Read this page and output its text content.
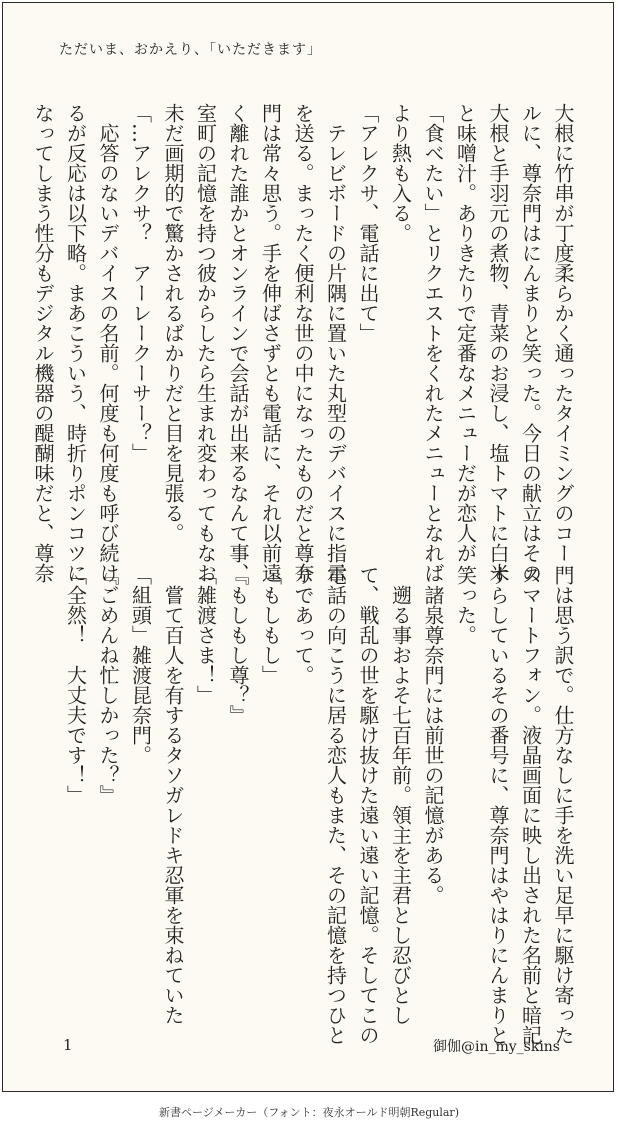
ただいま、おかえり、「いただきます」
大根に竹串が丁度柔らかく通ったタイミングのコー
ルに、尊奈門はにんまりと笑った。今日の献立はその
大根と手羽元の煮物、青菜のお浸し、塩トマトに白米
と味噌汁。ありきたりで定番なメニューだが恋人が
「食べたい」とリクエストをくれたメニューとなれば
より熱も入る。
「アレクサ、電話に出て」
　テレビボードの片隅に置いた丸型のデバイスに指示
を送る。まったく便利な世の中になったものだと尊奈
門は常々思う。手を伸ばさずとも電話に、それ以前遠
く離れた誰かとオンラインで会話が出来るなんて事、
室町の記憶を持つ彼からしたら生まれ変わってもなお
未だ画期的で驚かされるばかりだと目を見張る。
「…アレクサ？　アーレークーサー？」
　応答のないデバイスの名前。何度も何度も呼び続け
るが反応は以下略。まあこういう、時折りポンコツに
なってしまう性分もデジタル機器の醍醐味だと、尊奈
門は思う訳で。仕方なしに手を洗い足早に駆け寄った
スマートフォン。液晶画面に映し出された名前と暗記
すらしているその番号に、尊奈門はやはりにんまりと
笑った。
　諸泉尊奈門には前世の記憶がある。
　遡る事およそ七百年前。領主を主君とし忍びとし
て、戦乱の世を駆け抜けた遠い遠い記憶。そしてこの
電話の向こうに居る恋人もまた、その記憶を持つひと
りであって。
「もしもし」
『もしもし尊？』
「雑渡さま！」
　嘗て百人を有するタソガレドキ忍軍を束ねていた
「組頭」雑渡昆奈門。
『ごめんね忙しかった？』
「全然！　大丈夫です！」
1	御伽@in_my_skins
新書ページメーカー（フォント：夜永オールド明朝Regular)
